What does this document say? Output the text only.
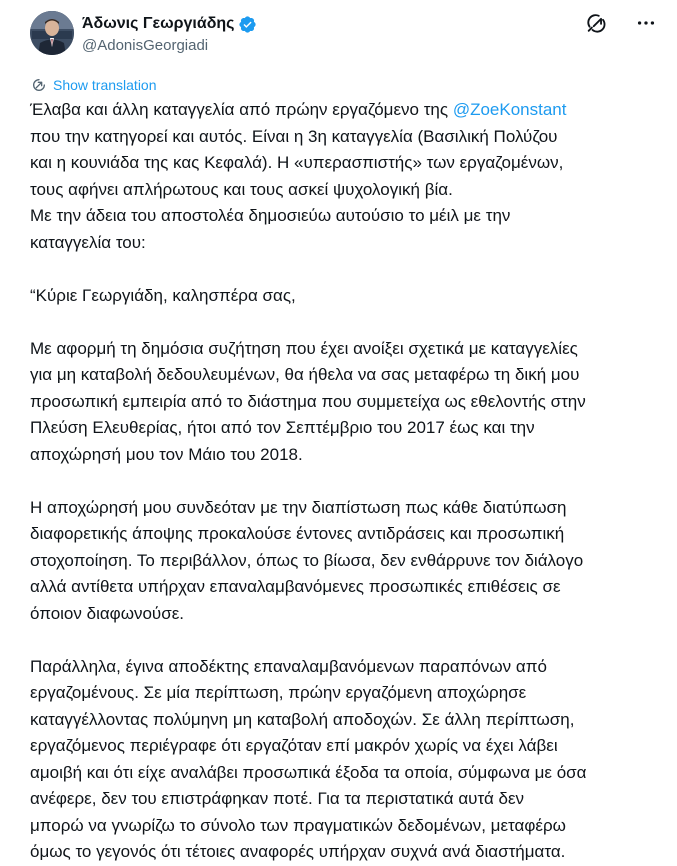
Άδωνις Γεωργιάδης
@AdonisGeorgiadi
Show translation
Έλαβα και άλλη καταγγελία από πρώην εργαζόμενο της @ZoeKonstant
που την κατηγορεί και αυτός. Είναι η 3η καταγγελία (Βασιλική Πολύζου
και η κουνιάδα της κας Κεφαλά). Η «υπερασπιστής» των εργαζομένων,
τους αφήνει απλήρωτους και τους ασκεί ψυχολογική βία.
Με την άδεια του αποστολέα δημοσιεύω αυτούσιο το μέιλ με την
καταγγελία του:
“Κύριε Γεωργιάδη, καλησπέρα σας,
Με αφορμή τη δημόσια συζήτηση που έχει ανοίξει σχετικά με καταγγελίες
για μη καταβολή δεδουλευμένων, θα ήθελα να σας μεταφέρω τη δική μου
προσωπική εμπειρία από το διάστημα που συμμετείχα ως εθελοντής στην
Πλεύση Ελευθερίας, ήτοι από τον Σεπτέμβριο του 2017 έως και την
αποχώρησή μου τον Μάιο του 2018.
Η αποχώρησή μου συνδεόταν με την διαπίστωση πως κάθε διατύπωση
διαφορετικής άποψης προκαλούσε έντονες αντιδράσεις και προσωπική
στοχοποίηση. Το περιβάλλον, όπως το βίωσα, δεν ενθάρρυνε τον διάλογο
αλλά αντίθετα υπήρχαν επαναλαμβανόμενες προσωπικές επιθέσεις σε
όποιον διαφωνούσε.
Παράλληλα, έγινα αποδέκτης επαναλαμβανόμενων παραπόνων από
εργαζομένους. Σε μία περίπτωση, πρώην εργαζόμενη αποχώρησε
καταγγέλλοντας πολύμηνη μη καταβολή αποδοχών. Σε άλλη περίπτωση,
εργαζόμενος περιέγραφε ότι εργαζόταν επί μακρόν χωρίς να έχει λάβει
αμοιβή και ότι είχε αναλάβει προσωπικά έξοδα τα οποία, σύμφωνα με όσα
ανέφερε, δεν του επιστράφηκαν ποτέ. Για τα περιστατικά αυτά δεν
μπορώ να γνωρίζω το σύνολο των πραγματικών δεδομένων, μεταφέρω
όμως το γεγονός ότι τέτοιες αναφορές υπήρχαν συχνά ανά διαστήματα.
